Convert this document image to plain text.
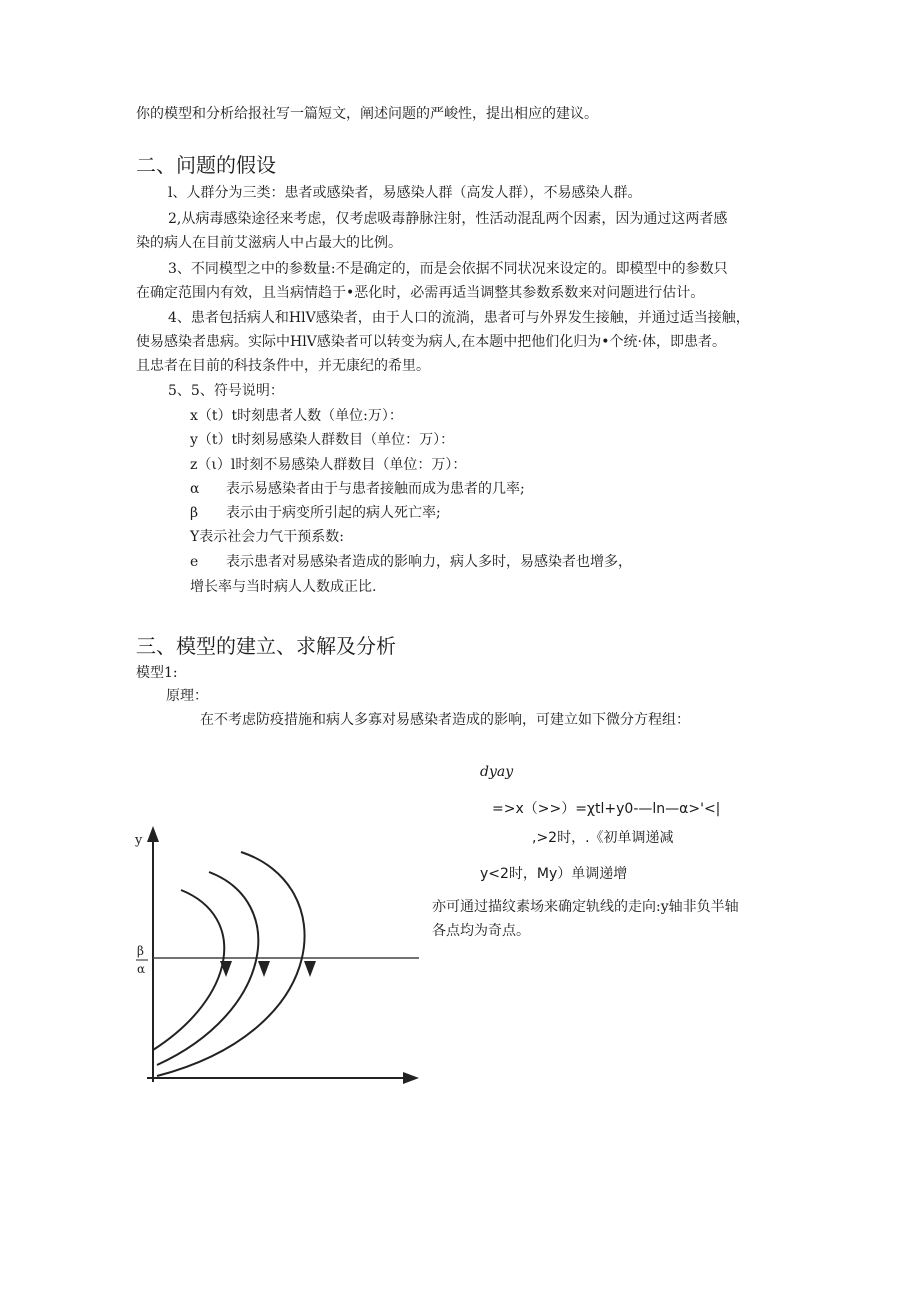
你的模型和分析给报社写一篇短文，阐述问题的严峻性，提出相应的建议。
二、问题的假设
l、人群分为三类：患者或感染者，易感染人群（高发人群），不易感染人群。
2,从病毒感染途径来考虑，仅考虑吸毒静脉注射，性活动混乱两个因素，因为通过这两者感
染的病人在目前艾滋病人中占最大的比例。
3、不同模型之中的参数量:不是确定的，而是会依据不同状况来设定的。即模型中的参数只
在确定范围内有效，且当病情趋于•恶化时，必需再适当调整其参数系数来对问题进行估计。
4、患者包括病人和HlV感染者，由于人口的流淌，患者可与外界发生接触，并通过适当接触，
使易感染者患病。实际中HlV感染者可以转变为病人,在本题中把他们化归为•个统·体，即患者。
且忠者在目前的科技条件中，并无康纪的希里。
5、5、符号说明：
x（t）t时刻患者人数（单位:万）：
y（t）t时刻易感染人群数目（单位：万）：
z（ι）l时刻不易感染人群数目（单位：万）：
α 表示易感染者由于与患者接触而成为患者的几率;
β 表示由于病变所引起的病人死亡率;
Y表示社会力气干预系数:
e 表示患者对易感染者造成的影响力，病人多时，易感染者也增多，
增长率与当时病人人数成正比.
三、模型的建立、求解及分析
模型1:
原理：
在不考虑防疫措施和病人多寡对易感染者造成的影响，可建立如下微分方程组：
dyay
=>x（>>）=χtl+y0-—ln—α>'<|
,>2时，.《初单调递减
y<2时，My）单调递增
亦可通过描纹素场来确定轨线的走向:y轴非负半轴
各点均为奇点。
y
β
α
